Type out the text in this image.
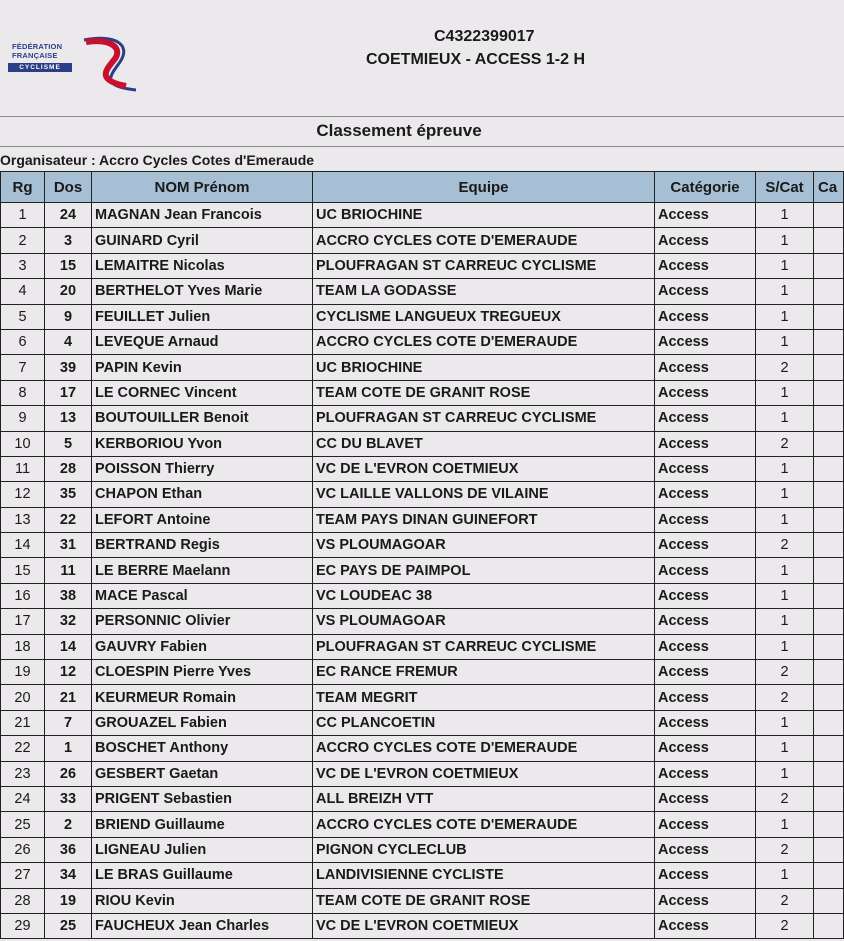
FÉDÉRATION
FRANÇAISE
CYCLISME
C4322399017
COETMIEUX - ACCESS 1-2 H
Classement épreuve
Organisateur : Accro Cycles Cotes d'Emeraude
Rg	Dos	NOM Prénom	Equipe	Catégorie	S/Cat	Ca
1	24	MAGNAN Jean Francois	UC BRIOCHINE	Access	1	
2	3	GUINARD Cyril	ACCRO CYCLES COTE D'EMERAUDE	Access	1	
3	15	LEMAITRE Nicolas	PLOUFRAGAN ST CARREUC CYCLISME	Access	1	
4	20	BERTHELOT Yves Marie	TEAM LA GODASSE	Access	1	
5	9	FEUILLET Julien	CYCLISME LANGUEUX TREGUEUX	Access	1	
6	4	LEVEQUE Arnaud	ACCRO CYCLES COTE D'EMERAUDE	Access	1	
7	39	PAPIN Kevin	UC BRIOCHINE	Access	2	
8	17	LE CORNEC Vincent	TEAM COTE DE GRANIT ROSE	Access	1	
9	13	BOUTOUILLER Benoit	PLOUFRAGAN ST CARREUC CYCLISME	Access	1	
10	5	KERBORIOU Yvon	CC DU BLAVET	Access	2	
11	28	POISSON Thierry	VC DE L'EVRON COETMIEUX	Access	1	
12	35	CHAPON Ethan	VC LAILLE VALLONS DE VILAINE	Access	1	
13	22	LEFORT Antoine	TEAM PAYS DINAN GUINEFORT	Access	1	
14	31	BERTRAND Regis	VS PLOUMAGOAR	Access	2	
15	11	LE BERRE Maelann	EC PAYS DE PAIMPOL	Access	1	
16	38	MACE Pascal	VC LOUDEAC 38	Access	1	
17	32	PERSONNIC Olivier	VS PLOUMAGOAR	Access	1	
18	14	GAUVRY Fabien	PLOUFRAGAN ST CARREUC CYCLISME	Access	1	
19	12	CLOESPIN Pierre Yves	EC RANCE FREMUR	Access	2	
20	21	KEURMEUR Romain	TEAM MEGRIT	Access	2	
21	7	GROUAZEL Fabien	CC PLANCOETIN	Access	1	
22	1	BOSCHET Anthony	ACCRO CYCLES COTE D'EMERAUDE	Access	1	
23	26	GESBERT Gaetan	VC DE L'EVRON COETMIEUX	Access	1	
24	33	PRIGENT Sebastien	ALL BREIZH VTT	Access	2	
25	2	BRIEND Guillaume	ACCRO CYCLES COTE D'EMERAUDE	Access	1	
26	36	LIGNEAU Julien	PIGNON CYCLECLUB	Access	2	
27	34	LE BRAS Guillaume	LANDIVISIENNE CYCLISTE	Access	1	
28	19	RIOU Kevin	TEAM COTE DE GRANIT ROSE	Access	2	
29	25	FAUCHEUX Jean Charles	VC DE L'EVRON COETMIEUX	Access	2	
